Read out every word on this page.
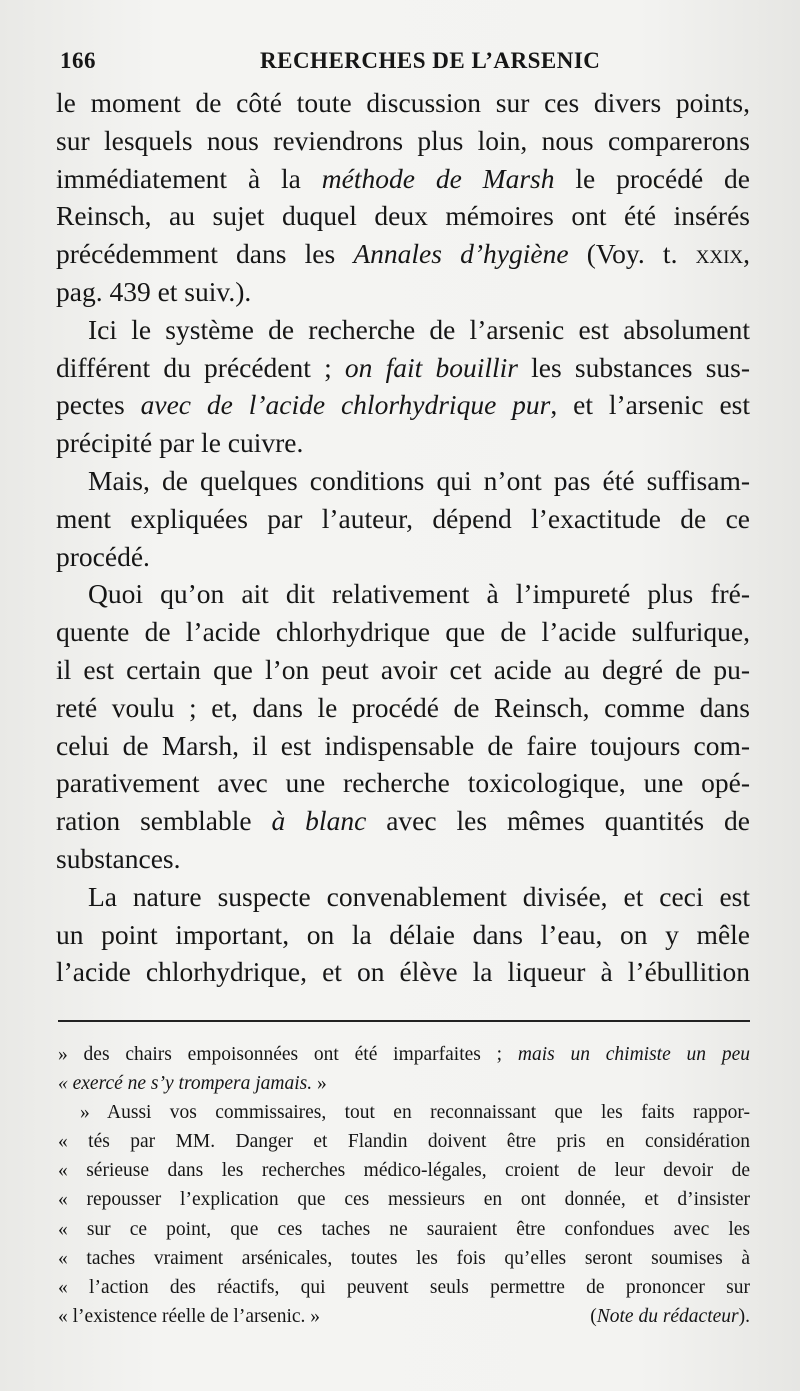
166	RECHERCHES DE L’ARSENIC
le moment de côté toute discussion sur ces divers points,
sur lesquels nous reviendrons plus loin, nous comparerons
immédiatement à la méthode de Marsh le procédé de
Reinsch, au sujet duquel deux mémoires ont été insérés
précédemment dans les Annales d’hygiène (Voy. t. xxix,
pag. 439 et suiv.).
Ici le système de recherche de l’arsenic est absolument
différent du précédent ; on fait bouillir les substances sus-
pectes avec de l’acide chlorhydrique pur, et l’arsenic est
précipité par le cuivre.
Mais, de quelques conditions qui n’ont pas été suffisam-
ment expliquées par l’auteur, dépend l’exactitude de ce
procédé.
Quoi qu’on ait dit relativement à l’impureté plus fré-
quente de l’acide chlorhydrique que de l’acide sulfurique,
il est certain que l’on peut avoir cet acide au degré de pu-
reté voulu ; et, dans le procédé de Reinsch, comme dans
celui de Marsh, il est indispensable de faire toujours com-
parativement avec une recherche toxicologique, une opé-
ration semblable à blanc avec les mêmes quantités de
substances.
La nature suspecte convenablement divisée, et ceci est
un point important, on la délaie dans l’eau, on y mêle
l’acide chlorhydrique, et on élève la liqueur à l’ébullition
» des chairs empoisonnées ont été imparfaites ; mais un chimiste un peu
« exercé ne s’y trompera jamais. »
» Aussi vos commissaires, tout en reconnaissant que les faits rappor-
« tés par MM. Danger et Flandin doivent être pris en considération
« sérieuse dans les recherches médico-légales, croient de leur devoir de
« repousser l’explication que ces messieurs en ont donnée, et d’insister
« sur ce point, que ces taches ne sauraient être confondues avec les
« taches vraiment arsénicales, toutes les fois qu’elles seront soumises à
« l’action des réactifs, qui peuvent seuls permettre de prononcer sur
« l’existence réelle de l’arsenic. »	(Note du rédacteur).
